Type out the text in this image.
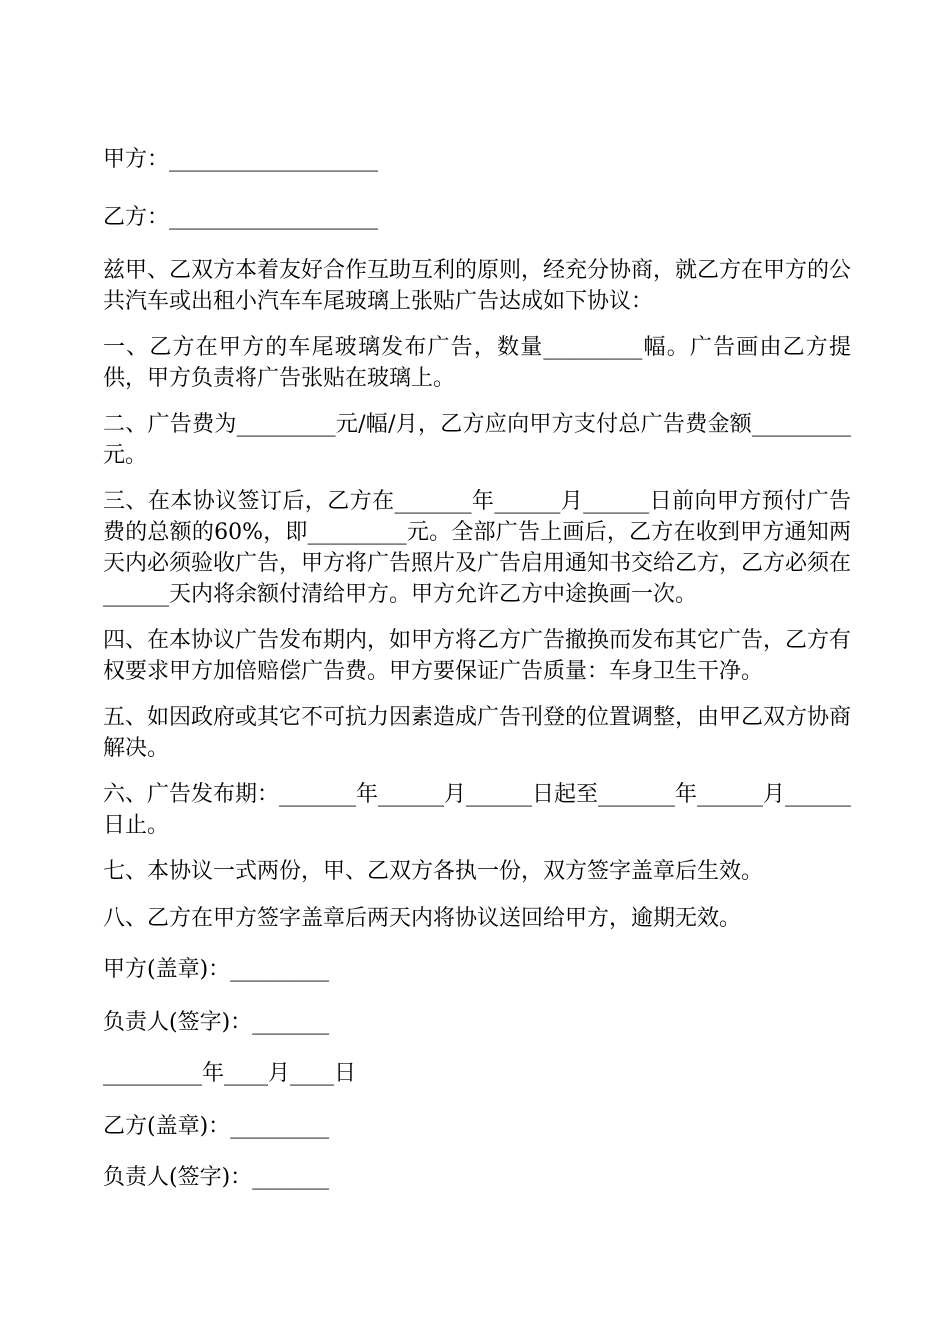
甲方：___________________

乙方：___________________

兹甲、乙双方本着友好合作互助互利的原则，经充分协商，就乙方在甲方的公共汽车或出租小汽车车尾玻璃上张贴广告达成如下协议：

一、乙方在甲方的车尾玻璃发布广告，数量_________幅。广告画由乙方提供，甲方负责将广告张贴在玻璃上。

二、广告费为_________元/幅/月，乙方应向甲方支付总广告费金额_________元。

三、在本协议签订后，乙方在_______年______月______日前向甲方预付广告费的总额的60%，即_________元。全部广告上画后，乙方在收到甲方通知两天内必须验收广告，甲方将广告照片及广告启用通知书交给乙方，乙方必须在______天内将余额付清给甲方。甲方允许乙方中途换画一次。

四、在本协议广告发布期内，如甲方将乙方广告撤换而发布其它广告，乙方有权要求甲方加倍赔偿广告费。甲方要保证广告质量：车身卫生干净。

五、如因政府或其它不可抗力因素造成广告刊登的位置调整，由甲乙双方协商解决。

六、广告发布期：_______年______月______日起至_______年______月______日止。

七、本协议一式两份，甲、乙双方各执一份，双方签字盖章后生效。

八、乙方在甲方签字盖章后两天内将协议送回给甲方，逾期无效。

甲方(盖章)：_________

负责人(签字)：_______

_________年____月____日

乙方(盖章)：_________

负责人(签字)：_______
